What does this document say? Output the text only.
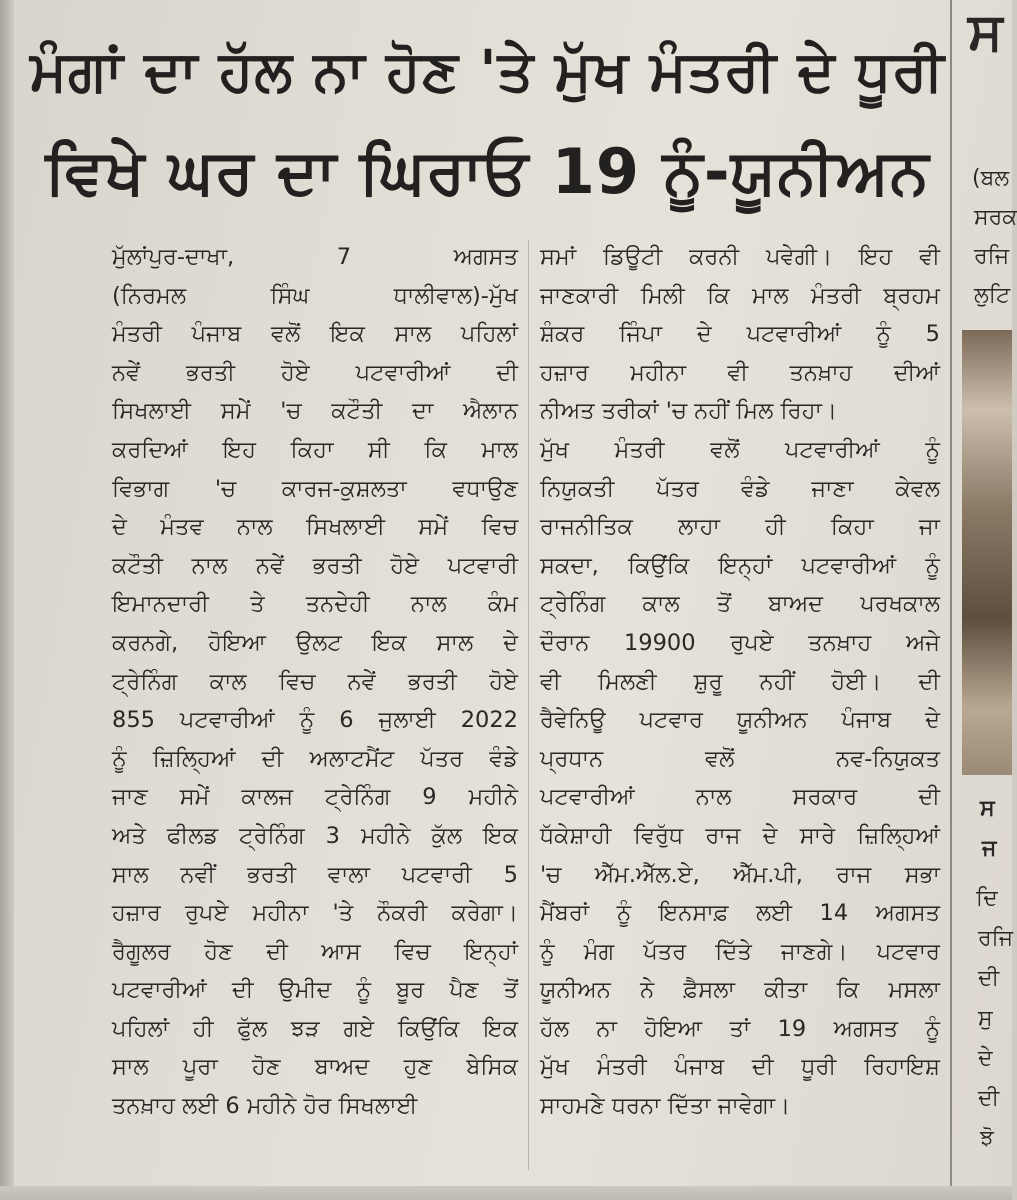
ਮੰਗਾਂ ਦਾ ਹੱਲ ਨਾ ਹੋਣ 'ਤੇ ਮੁੱਖ ਮੰਤਰੀ ਦੇ ਧੂਰੀ
ਵਿਖੇ ਘਰ ਦਾ ਘਿਰਾਓ 19 ਨੂੰ-ਯੂਨੀਅਨ
ਮੁੱਲਾਂਪੁਰ-ਦਾਖਾ, 7 ਅਗਸਤ
(ਨਿਰਮਲ ਸਿੰਘ ਧਾਲੀਵਾਲ)-ਮੁੱਖ
ਮੰਤਰੀ ਪੰਜਾਬ ਵਲੋਂ ਇਕ ਸਾਲ ਪਹਿਲਾਂ
ਨਵੇਂ ਭਰਤੀ ਹੋਏ ਪਟਵਾਰੀਆਂ ਦੀ
ਸਿਖਲਾਈ ਸਮੇਂ 'ਚ ਕਟੌਤੀ ਦਾ ਐਲਾਨ
ਕਰਦਿਆਂ ਇਹ ਕਿਹਾ ਸੀ ਕਿ ਮਾਲ
ਵਿਭਾਗ 'ਚ ਕਾਰਜ-ਕੁਸ਼ਲਤਾ ਵਧਾਉਣ
ਦੇ ਮੰਤਵ ਨਾਲ ਸਿਖਲਾਈ ਸਮੇਂ ਵਿਚ
ਕਟੌਤੀ ਨਾਲ ਨਵੇਂ ਭਰਤੀ ਹੋਏ ਪਟਵਾਰੀ
ਇਮਾਨਦਾਰੀ ਤੇ ਤਨਦੇਹੀ ਨਾਲ ਕੰਮ
ਕਰਨਗੇ, ਹੋਇਆ ਉਲਟ ਇਕ ਸਾਲ ਦੇ
ਟ੍ਰੇਨਿੰਗ ਕਾਲ ਵਿਚ ਨਵੇਂ ਭਰਤੀ ਹੋਏ
855 ਪਟਵਾਰੀਆਂ ਨੂੰ 6 ਜੁਲਾਈ 2022
ਨੂੰ ਜ਼ਿਲ੍ਹਿਆਂ ਦੀ ਅਲਾਟਮੈਂਟ ਪੱਤਰ ਵੰਡੇ
ਜਾਣ ਸਮੇਂ ਕਾਲਜ ਟ੍ਰੇਨਿੰਗ 9 ਮਹੀਨੇ
ਅਤੇ ਫੀਲਡ ਟ੍ਰੇਨਿੰਗ 3 ਮਹੀਨੇ ਕੁੱਲ ਇਕ
ਸਾਲ ਨਵੀਂ ਭਰਤੀ ਵਾਲਾ ਪਟਵਾਰੀ 5
ਹਜ਼ਾਰ ਰੁਪਏ ਮਹੀਨਾ 'ਤੇ ਨੌਕਰੀ ਕਰੇਗਾ।
ਰੈਗੂਲਰ ਹੋਣ ਦੀ ਆਸ ਵਿਚ ਇਨ੍ਹਾਂ
ਪਟਵਾਰੀਆਂ ਦੀ ਉਮੀਦ ਨੂੰ ਬੂਰ ਪੈਣ ਤੋਂ
ਪਹਿਲਾਂ ਹੀ ਫੁੱਲ ਝੜ ਗਏ ਕਿਉਂਕਿ ਇਕ
ਸਾਲ ਪੂਰਾ ਹੋਣ ਬਾਅਦ ਹੁਣ ਬੇਸਿਕ
ਤਨਖ਼ਾਹ ਲਈ 6 ਮਹੀਨੇ ਹੋਰ ਸਿਖਲਾਈ
ਸਮਾਂ ਡਿਊਟੀ ਕਰਨੀ ਪਵੇਗੀ। ਇਹ ਵੀ
ਜਾਣਕਾਰੀ ਮਿਲੀ ਕਿ ਮਾਲ ਮੰਤਰੀ ਬ੍ਰਹਮ
ਸ਼ੰਕਰ ਜਿੰਪਾ ਦੇ ਪਟਵਾਰੀਆਂ ਨੂੰ 5
ਹਜ਼ਾਰ ਮਹੀਨਾ ਵੀ ਤਨਖ਼ਾਹ ਦੀਆਂ
ਨੀਅਤ ਤਰੀਕਾਂ 'ਚ ਨਹੀਂ ਮਿਲ ਰਿਹਾ।
ਮੁੱਖ ਮੰਤਰੀ ਵਲੋਂ ਪਟਵਾਰੀਆਂ ਨੂੰ
ਨਿਯੁਕਤੀ ਪੱਤਰ ਵੰਡੇ ਜਾਣਾ ਕੇਵਲ
ਰਾਜਨੀਤਿਕ ਲਾਹਾ ਹੀ ਕਿਹਾ ਜਾ
ਸਕਦਾ, ਕਿਉਂਕਿ ਇਨ੍ਹਾਂ ਪਟਵਾਰੀਆਂ ਨੂੰ
ਟ੍ਰੇਨਿੰਗ ਕਾਲ ਤੋਂ ਬਾਅਦ ਪਰਖਕਾਲ
ਦੌਰਾਨ 19900 ਰੁਪਏ ਤਨਖ਼ਾਹ ਅਜੇ
ਵੀ ਮਿਲਣੀ ਸ਼ੁਰੂ ਨਹੀਂ ਹੋਈ। ਦੀ
ਰੈਵੇਨਿਊ ਪਟਵਾਰ ਯੂਨੀਅਨ ਪੰਜਾਬ ਦੇ
ਪ੍ਰਧਾਨ ਵਲੋਂ ਨਵ-ਨਿਯੁਕਤ
ਪਟਵਾਰੀਆਂ ਨਾਲ ਸਰਕਾਰ ਦੀ
ਧੱਕੇਸ਼ਾਹੀ ਵਿਰੁੱਧ ਰਾਜ ਦੇ ਸਾਰੇ ਜ਼ਿਲ੍ਹਿਆਂ
'ਚ ਐੱਮ.ਐੱਲ.ਏ, ਐੱਮ.ਪੀ, ਰਾਜ ਸਭਾ
ਮੈਂਬਰਾਂ ਨੂੰ ਇਨਸਾਫ਼ ਲਈ 14 ਅਗਸਤ
ਨੂੰ ਮੰਗ ਪੱਤਰ ਦਿੱਤੇ ਜਾਣਗੇ। ਪਟਵਾਰ
ਯੂਨੀਅਨ ਨੇ ਫ਼ੈਸਲਾ ਕੀਤਾ ਕਿ ਮਸਲਾ
ਹੱਲ ਨਾ ਹੋਇਆ ਤਾਂ 19 ਅਗਸਤ ਨੂੰ
ਮੁੱਖ ਮੰਤਰੀ ਪੰਜਾਬ ਦੀ ਧੂਰੀ ਰਿਹਾਇਸ਼
ਸਾਹਮਣੇ ਧਰਨਾ ਦਿੱਤਾ ਜਾਵੇਗਾ।
ਸ
(ਬਲ
ਸਰਕ
ਰਜਿ
ਲੁਟਿ
ਸ
ਜ
ਦਿ
ਰਜਿ
ਦੀ
ਸੁ
ਦੇ
ਦੀ
ਝੋ
